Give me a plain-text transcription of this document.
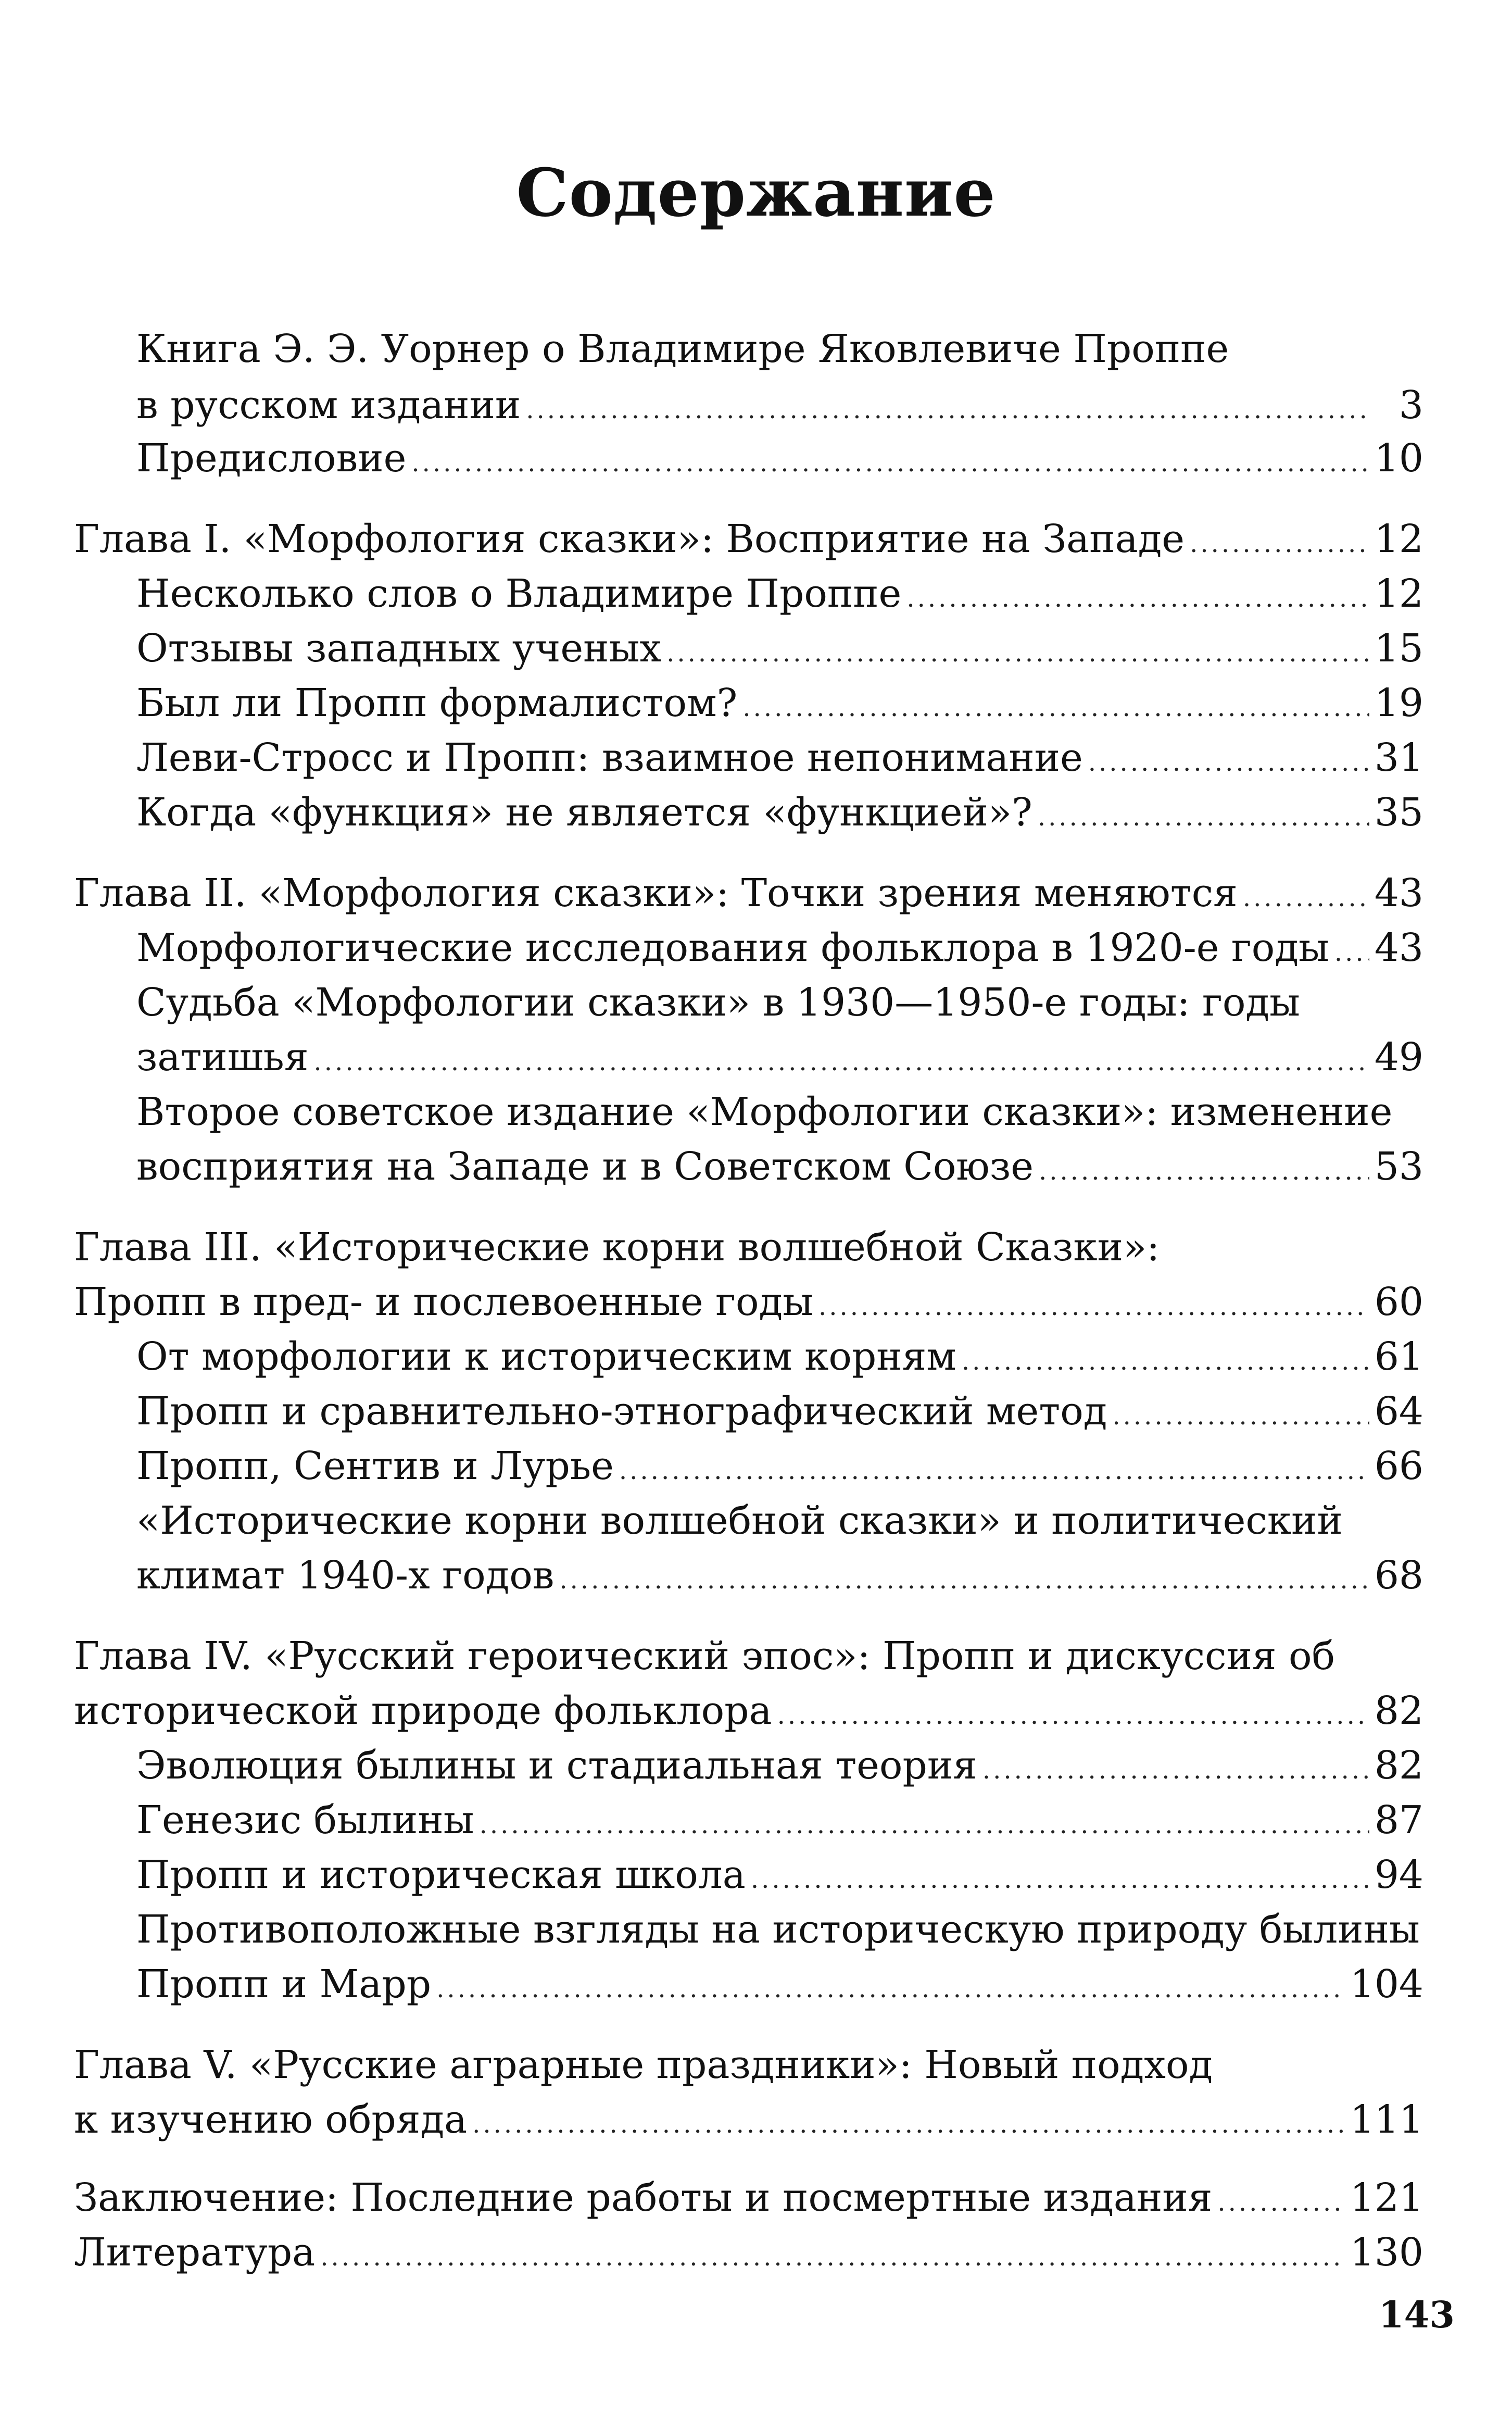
Содержание
Книга Э. Э. Уорнер о Владимире Яковлевиче Проппе
в русском издании .....	3
Предисловие .....	10
Глава I. «Морфология сказки»: Восприятие на Западе .....	12
Несколько слов о Владимире Проппе .....	12
Отзывы западных ученых .....	15
Был ли Пропп формалистом? .....	19
Леви-Стросс и Пропп: взаимное непонимание .....	31
Когда «функция» не является «функцией»? .....	35
Глава II. «Морфология сказки»: Точки зрения меняются .....	43
Морфологические исследования фольклора в 1920-е годы ..... 43
Судьба «Морфологии сказки» в 1930—1950-е годы: годы
затишья .....	49
Второе советское издание «Морфологии сказки»: изменение
восприятия на Западе и в Советском Союзе .....	53
Глава III. «Исторические корни волшебной Сказки»:
Пропп в пред- и послевоенные годы .....	60
От морфологии к историческим корням .....	61
Пропп и сравнительно-этнографический метод .....	64
Пропп, Сентив и Лурье .....	66
«Исторические корни волшебной сказки» и политический
климат 1940-х годов .....	68
Глава IV. «Русский героический эпос»: Пропп и дискуссия об
исторической природе фольклора .....	82
Эволюция былины и стадиальная теория .....	82
Генезис былины .....	87
Пропп и историческая школа .....	94
Противоположные взгляды на историческую природу былины
Пропп и Марр .....	104
Глава V. «Русские аграрные праздники»: Новый подход
к изучению обряда .....	111
Заключение: Последние работы и посмертные издания .....	121
Литература .....	130
143
